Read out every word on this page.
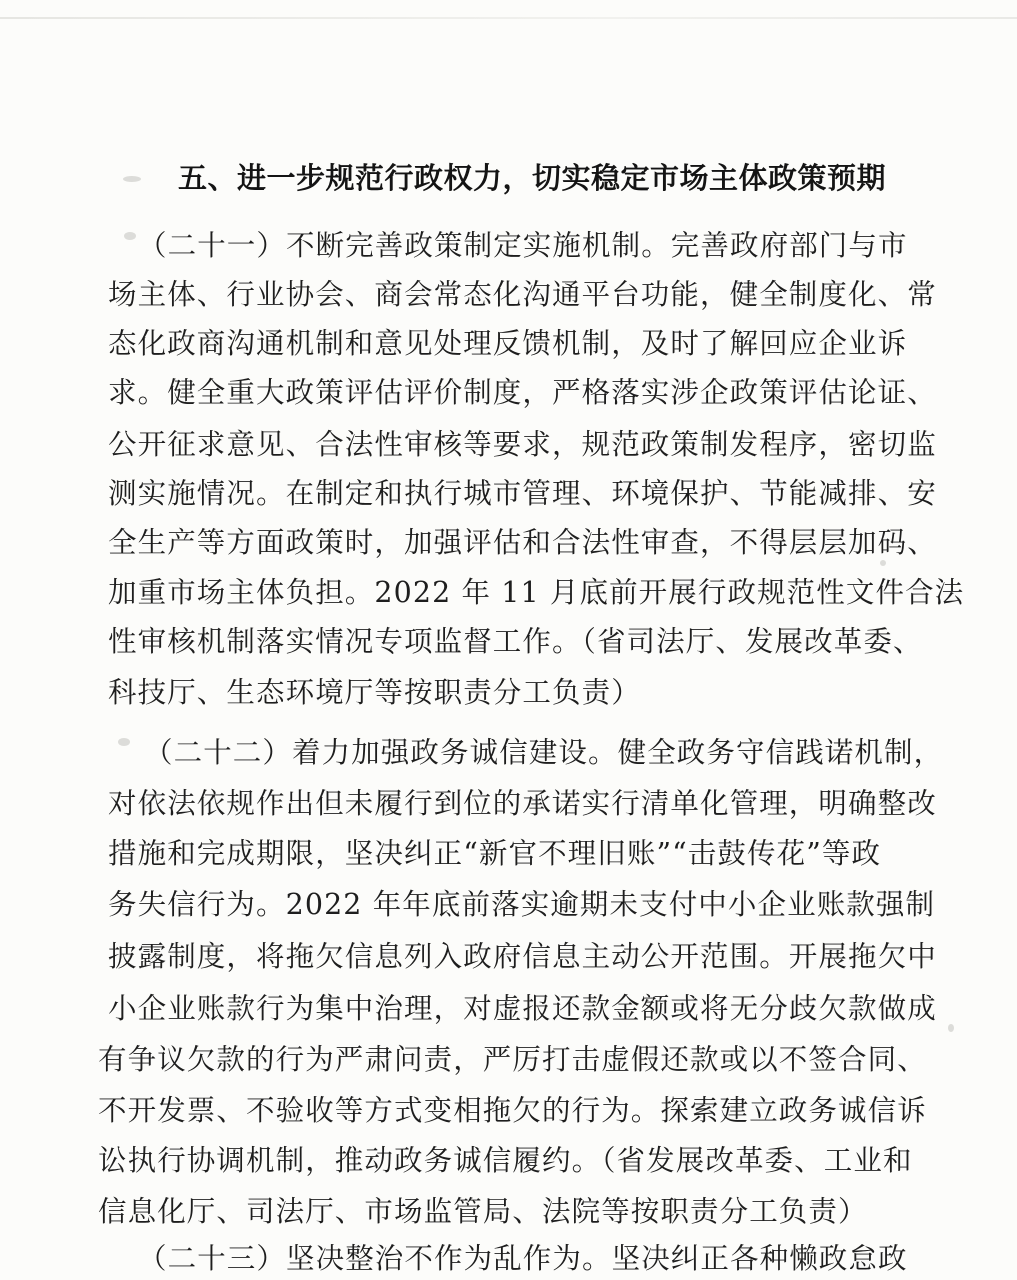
五、进一步规范行政权力，切实稳定市场主体政策预期
（二十一）不断完善政策制定实施机制。完善政府部门与市
场主体、行业协会、商会常态化沟通平台功能，健全制度化、常
态化政商沟通机制和意见处理反馈机制，及时了解回应企业诉
求。健全重大政策评估评价制度，严格落实涉企政策评估论证、
公开征求意见、合法性审核等要求，规范政策制发程序，密切监
测实施情况。在制定和执行城市管理、环境保护、节能减排、安
全生产等方面政策时，加强评估和合法性审查，不得层层加码、
加重市场主体负担。2022 年 11 月底前开展行政规范性文件合法
性审核机制落实情况专项监督工作。（省司法厅、发展改革委、
科技厅、生态环境厅等按职责分工负责）
（二十二）着力加强政务诚信建设。健全政务守信践诺机制，
对依法依规作出但未履行到位的承诺实行清单化管理，明确整改
措施和完成期限，坚决纠正“新官不理旧账”“击鼓传花”等政
务失信行为。2022 年年底前落实逾期未支付中小企业账款强制
披露制度，将拖欠信息列入政府信息主动公开范围。开展拖欠中
小企业账款行为集中治理，对虚报还款金额或将无分歧欠款做成
有争议欠款的行为严肃问责，严厉打击虚假还款或以不签合同、
不开发票、不验收等方式变相拖欠的行为。探索建立政务诚信诉
讼执行协调机制，推动政务诚信履约。（省发展改革委、工业和
信息化厅、司法厅、市场监管局、法院等按职责分工负责）
（二十三）坚决整治不作为乱作为。坚决纠正各种懒政怠政
